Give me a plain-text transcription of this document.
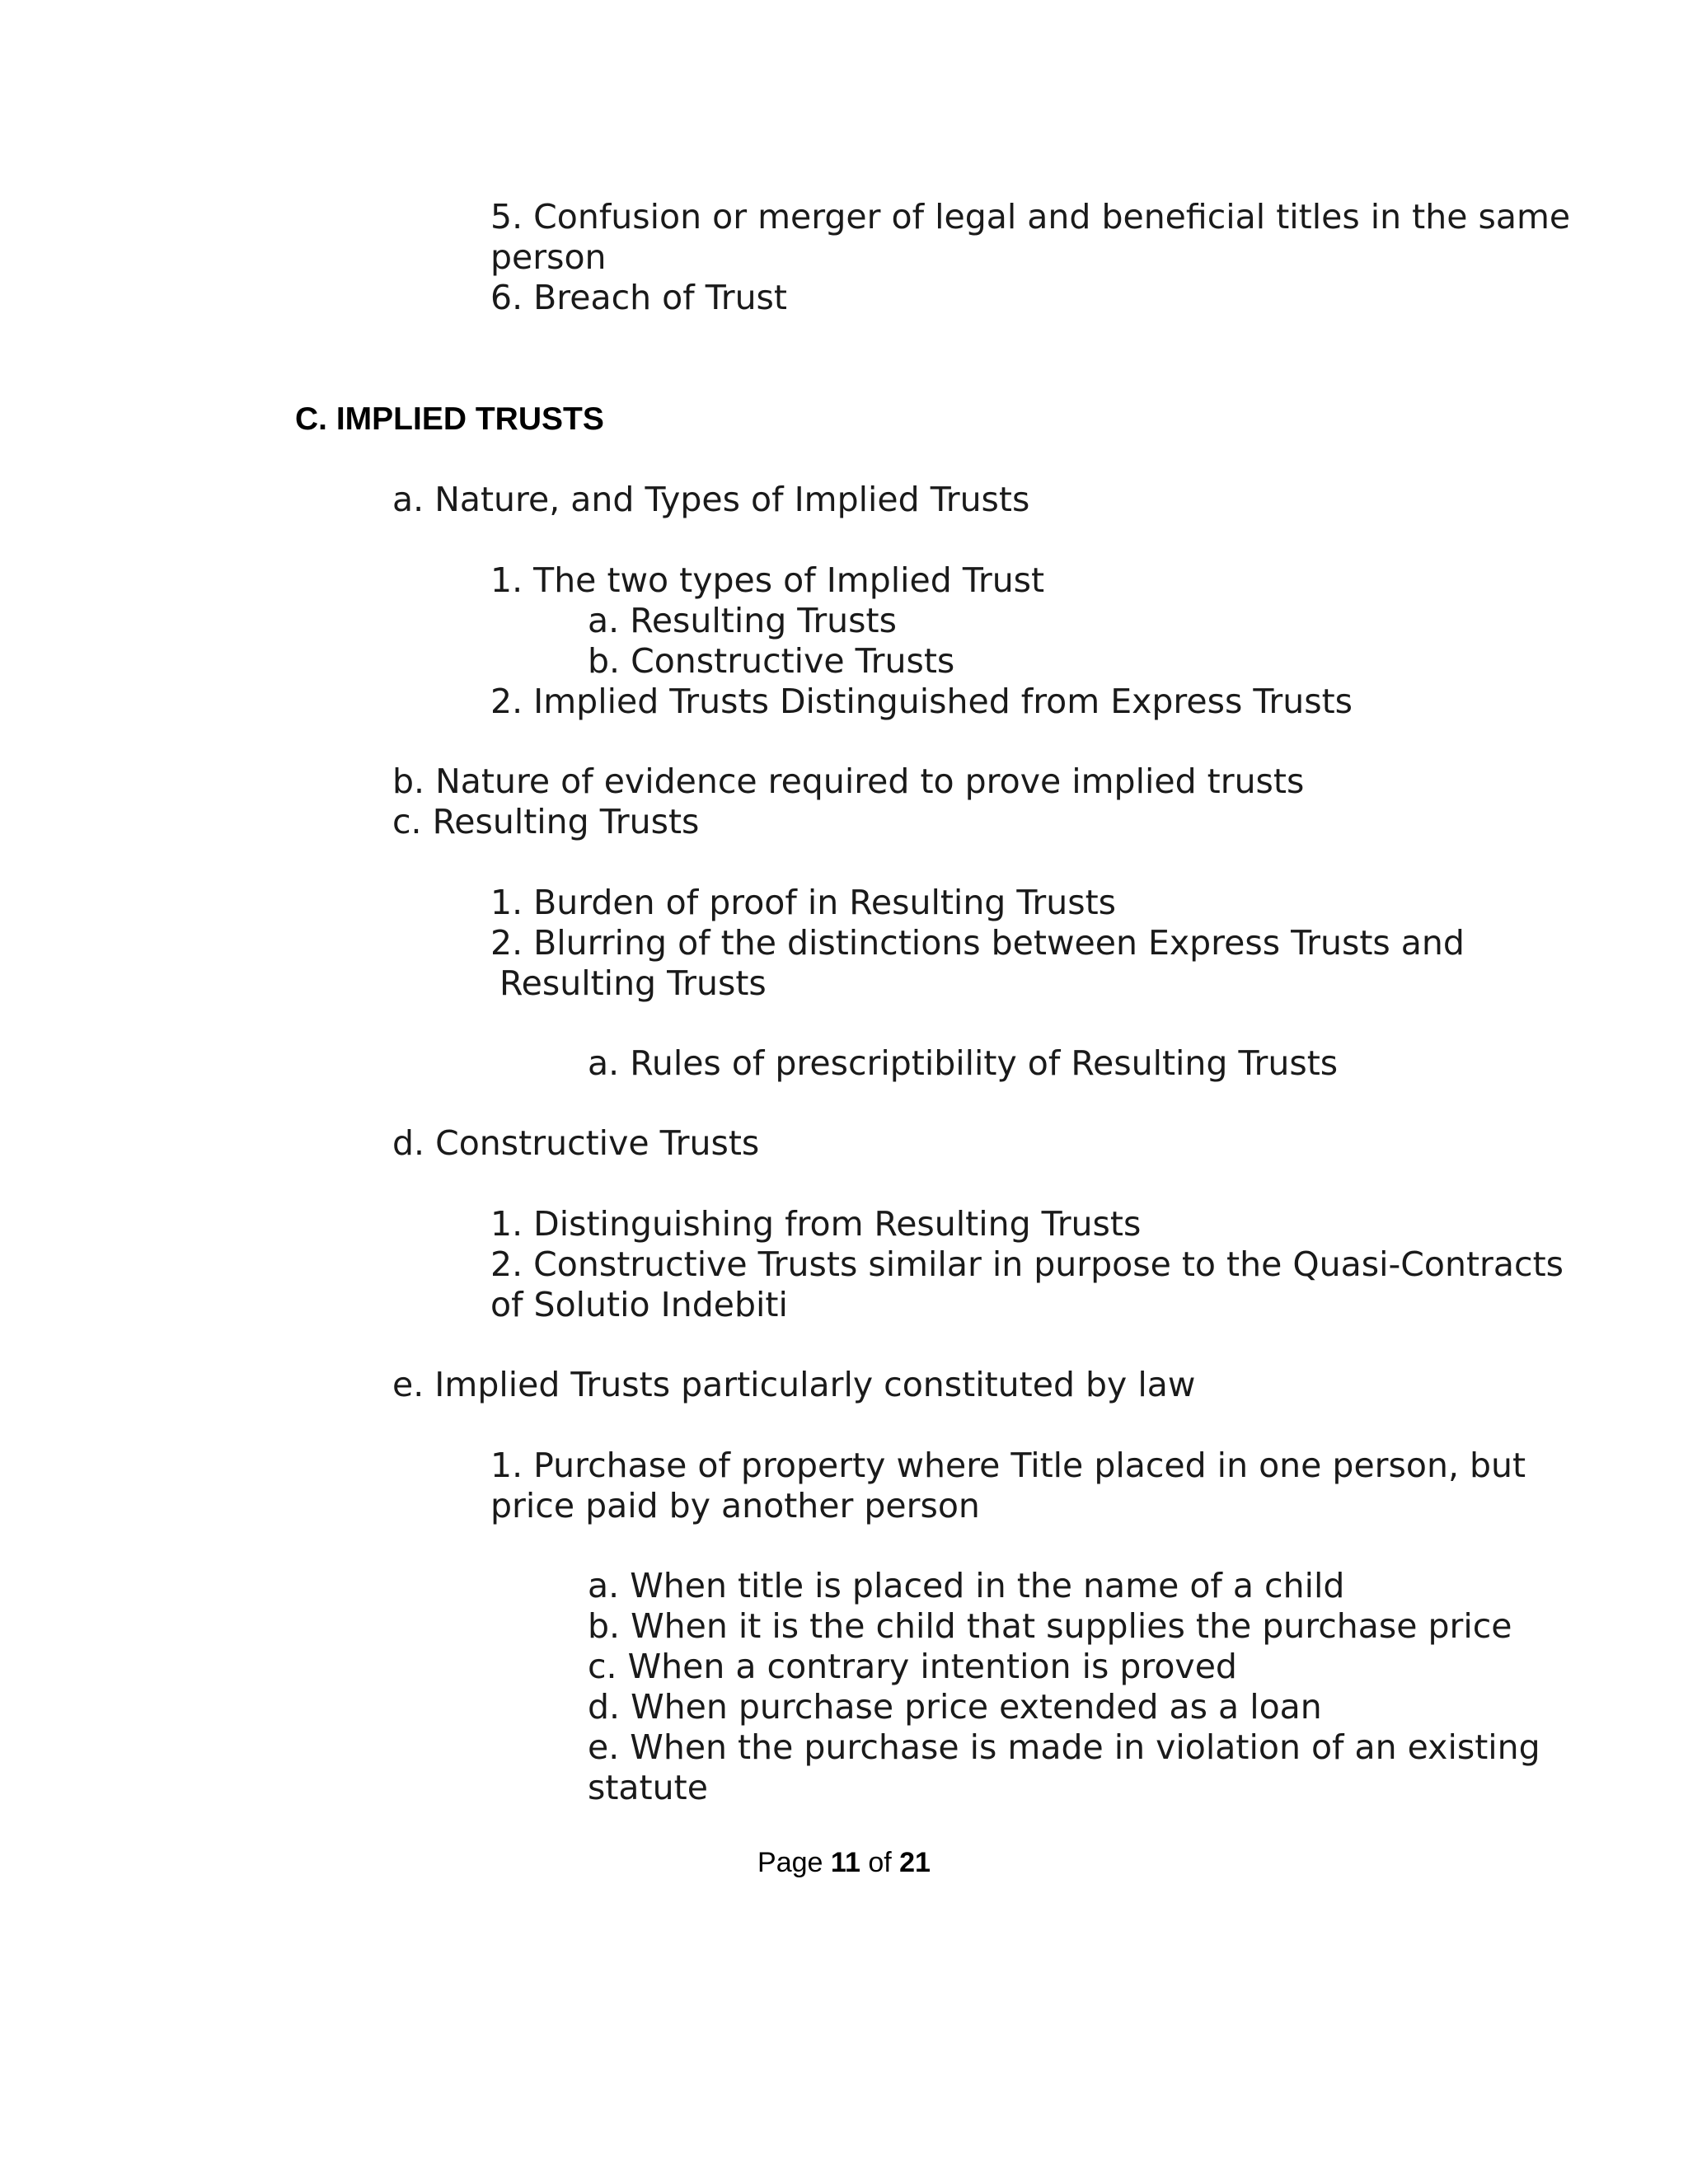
5. Confusion or merger of legal and beneficial titles in the same
person
6. Breach of Trust
C. IMPLIED TRUSTS
a. Nature, and Types of Implied Trusts
1. The two types of Implied Trust
a. Resulting Trusts
b. Constructive Trusts
2. Implied Trusts Distinguished from Express Trusts
b. Nature of evidence required to prove implied trusts
c. Resulting Trusts
1. Burden of proof in Resulting Trusts
2. Blurring of the distinctions between Express Trusts and
Resulting Trusts
a. Rules of prescriptibility of Resulting Trusts
d. Constructive Trusts
1. Distinguishing from Resulting Trusts
2. Constructive Trusts similar in purpose to the Quasi-Contracts
of Solutio Indebiti
e. Implied Trusts particularly constituted by law
1. Purchase of property where Title placed in one person, but
price paid by another person
a. When title is placed in the name of a child
b. When it is the child that supplies the purchase price
c. When a contrary intention is proved
d. When purchase price extended as a loan
e. When the purchase is made in violation of an existing
statute
Page 11 of 21
